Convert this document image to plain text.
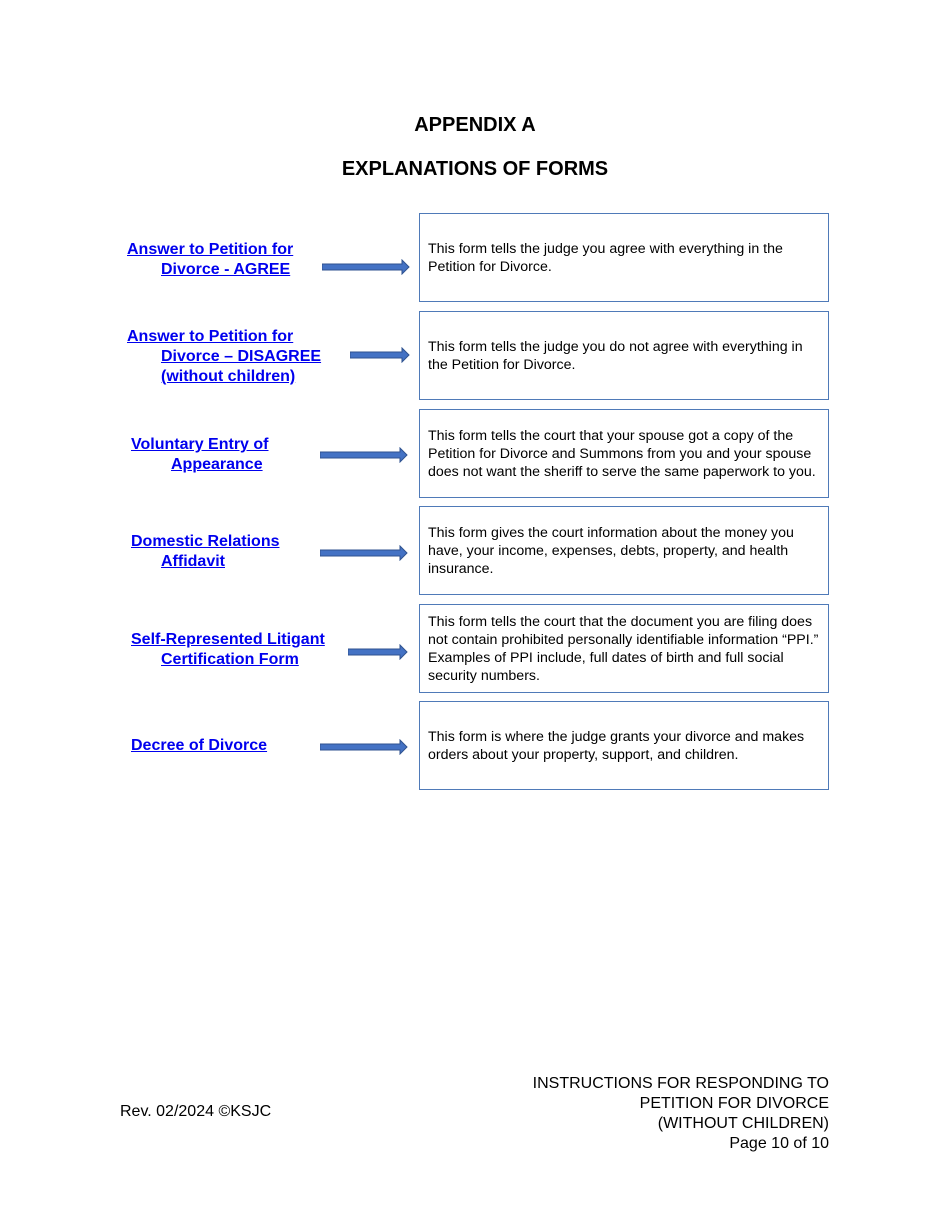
APPENDIX A
EXPLANATIONS OF FORMS
Answer to Petition for
Divorce - AGREE
This form tells the judge you agree with everything in the Petition for Divorce.
Answer to Petition for
Divorce – DISAGREE
(without children)
This form tells the judge you do not agree with everything in the Petition for Divorce.
Voluntary Entry of
Appearance
This form tells the court that your spouse got a copy of the Petition for Divorce and Summons from you and your spouse does not want the sheriff to serve the same paperwork to you.
Domestic Relations
Affidavit
This form gives the court information about the money you have, your income, expenses, debts, property, and health insurance.
Self-Represented Litigant
Certification Form
This form tells the court that the document you are filing does not contain prohibited personally identifiable information “PPI.” Examples of PPI include, full dates of birth and full social security numbers.
Decree of Divorce
This form is where the judge grants your divorce and makes orders about your property, support, and children.
Rev. 02/2024 ©KSJC
INSTRUCTIONS FOR RESPONDING TO
PETITION FOR DIVORCE
(WITHOUT CHILDREN)
Page 10 of 10
